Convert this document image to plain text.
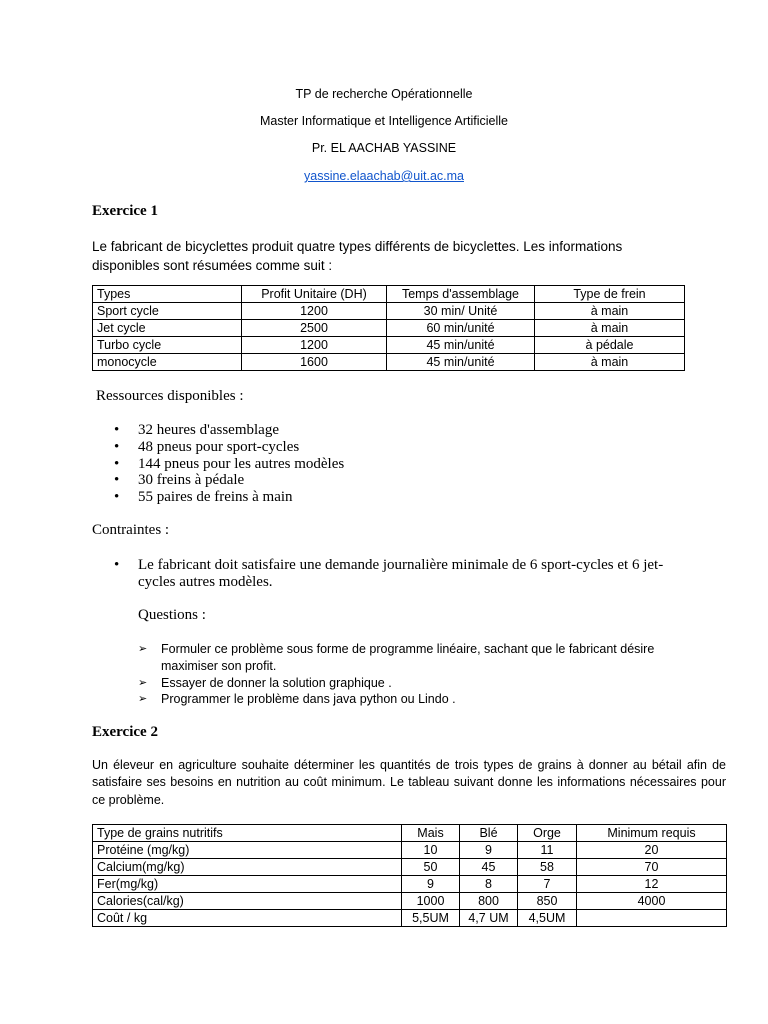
TP de recherche Opérationnelle
Master Informatique et Intelligence Artificielle
Pr. EL AACHAB YASSINE
yassine.elaachab@uit.ac.ma
Exercice 1
Le fabricant de bicyclettes produit quatre types différents de bicyclettes. Les informations disponibles sont résumées comme suit :
Types	Profit Unitaire (DH)	Temps d'assemblage	Type de frein
Sport cycle	1200	30 min/ Unité	à main
Jet cycle	2500	60 min/unité	à main
Turbo cycle	1200	45 min/unité	à pédale
monocycle	1600	45 min/unité	à main
Ressources disponibles :
• 32 heures d'assemblage
• 48 pneus pour sport-cycles
• 144 pneus pour les autres modèles
• 30 freins à pédale
• 55 paires de freins à main
Contraintes :
• Le fabricant doit satisfaire une demande journalière minimale de 6 sport-cycles et 6 jet-cycles autres modèles.
Questions :
➢ Formuler ce problème sous forme de programme linéaire, sachant que le fabricant désire maximiser son profit.
➢ Essayer de donner la solution graphique .
➢ Programmer le problème dans java python ou Lindo .
Exercice 2
Un éleveur en agriculture souhaite déterminer les quantités de trois types de grains à donner au bétail afin de satisfaire ses besoins en nutrition au coût minimum. Le tableau suivant donne les informations nécessaires pour ce problème.
Type de grains nutritifs	Mais	Blé	Orge	Minimum requis
Protéine (mg/kg)	10	9	11	20
Calcium(mg/kg)	50	45	58	70
Fer(mg/kg)	9	8	7	12
Calories(cal/kg)	1000	800	850	4000
Coût / kg	5,5UM	4,7 UM	4,5UM	
